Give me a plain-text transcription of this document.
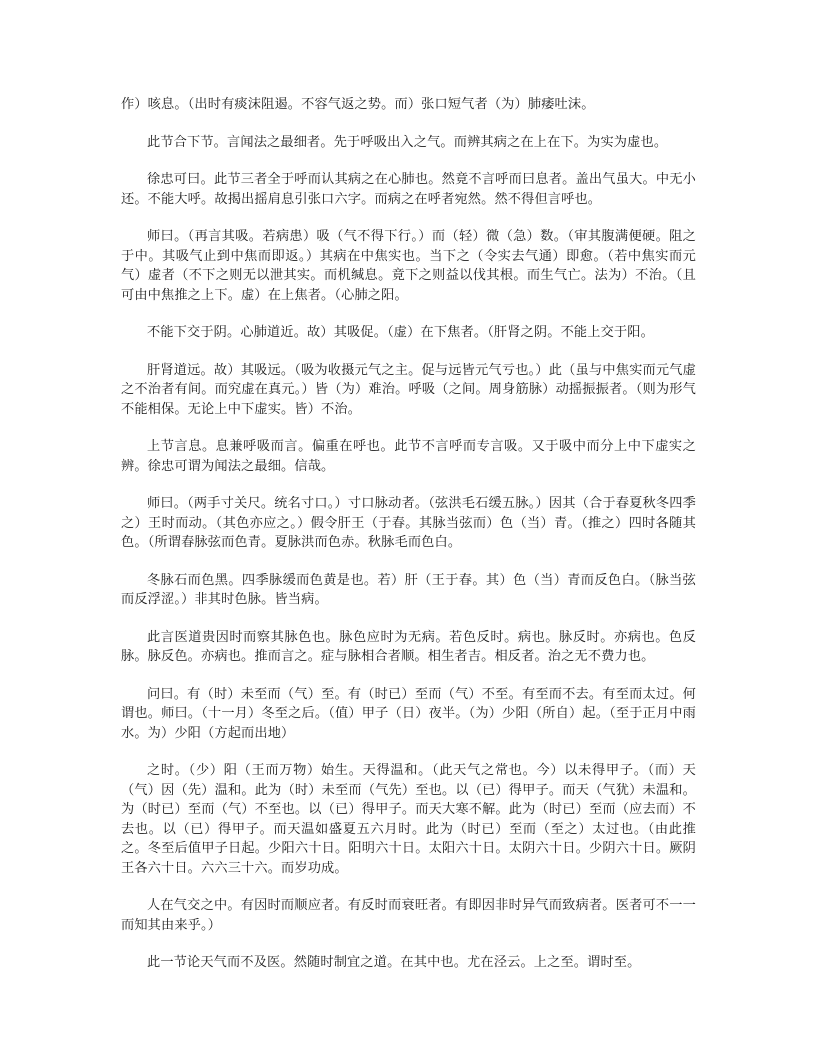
作）咳息。（出时有痰沫阻遏。不容气返之势。而）张口短气者（为）肺痿吐沫。

此节合下节。言闻法之最细者。先于呼吸出入之气。而辨其病之在上在下。为实为虚也。

徐忠可曰。此节三者全于呼而认其病之在心肺也。然竟不言呼而曰息者。盖出气虽大。中无小还。不能大呼。故揭出摇肩息引张口六字。而病之在呼者宛然。然不得但言呼也。

师曰。（再言其吸。若病患）吸（气不得下行。）而（轻）微（急）数。（审其腹满便硬。阻之于中。其吸气止到中焦而即返。）其病在中焦实也。当下之（令实去气通）即愈。（若中焦实而元气）虚者（不下之则无以泄其实。而机缄息。竟下之则益以伐其根。而生气亡。法为）不治。（且可由中焦推之上下。虚）在上焦者。（心肺之阳。

不能下交于阴。心肺道近。故）其吸促。（虚）在下焦者。（肝肾之阴。不能上交于阳。

肝肾道远。故）其吸远。（吸为收摄元气之主。促与远皆元气亏也。）此（虽与中焦实而元气虚之不治者有间。而究虚在真元。）皆（为）难治。呼吸（之间。周身筋脉）动摇振振者。（则为形气不能相保。无论上中下虚实。皆）不治。

上节言息。息兼呼吸而言。偏重在呼也。此节不言呼而专言吸。又于吸中而分上中下虚实之辨。徐忠可谓为闻法之最细。信哉。

师曰。（两手寸关尺。统名寸口。）寸口脉动者。（弦洪毛石缓五脉。）因其（合于春夏秋冬四季之）王时而动。（其色亦应之。）假令肝王（于春。其脉当弦而）色（当）青。（推之）四时各随其色。（所谓春脉弦而色青。夏脉洪而色赤。秋脉毛而色白。

冬脉石而色黑。四季脉缓而色黄是也。若）肝（王于春。其）色（当）青而反色白。（脉当弦而反浮涩。）非其时色脉。皆当病。

此言医道贵因时而察其脉色也。脉色应时为无病。若色反时。病也。脉反时。亦病也。色反脉。脉反色。亦病也。推而言之。症与脉相合者顺。相生者吉。相反者。治之无不费力也。

问曰。有（时）未至而（气）至。有（时已）至而（气）不至。有至而不去。有至而太过。何谓也。师曰。（十一月）冬至之后。（值）甲子（日）夜半。（为）少阳（所自）起。（至于正月中雨水。为）少阳（方起而出地）

之时。（少）阳（王而万物）始生。天得温和。（此天气之常也。今）以未得甲子。（而）天（气）因（先）温和。此为（时）未至而（气先）至也。以（已）得甲子。而天（气犹）未温和。为（时已）至而（气）不至也。以（已）得甲子。而天大寒不解。此为（时已）至而（应去而）不去也。以（已）得甲子。而天温如盛夏五六月时。此为（时已）至而（至之）太过也。（由此推之。冬至后值甲子日起。少阳六十日。阳明六十日。太阳六十日。太阴六十日。少阴六十日。厥阴王各六十日。六六三十六。而岁功成。

人在气交之中。有因时而顺应者。有反时而衰旺者。有即因非时异气而致病者。医者可不一一而知其由来乎。）

此一节论天气而不及医。然随时制宜之道。在其中也。尤在泾云。上之至。谓时至。
